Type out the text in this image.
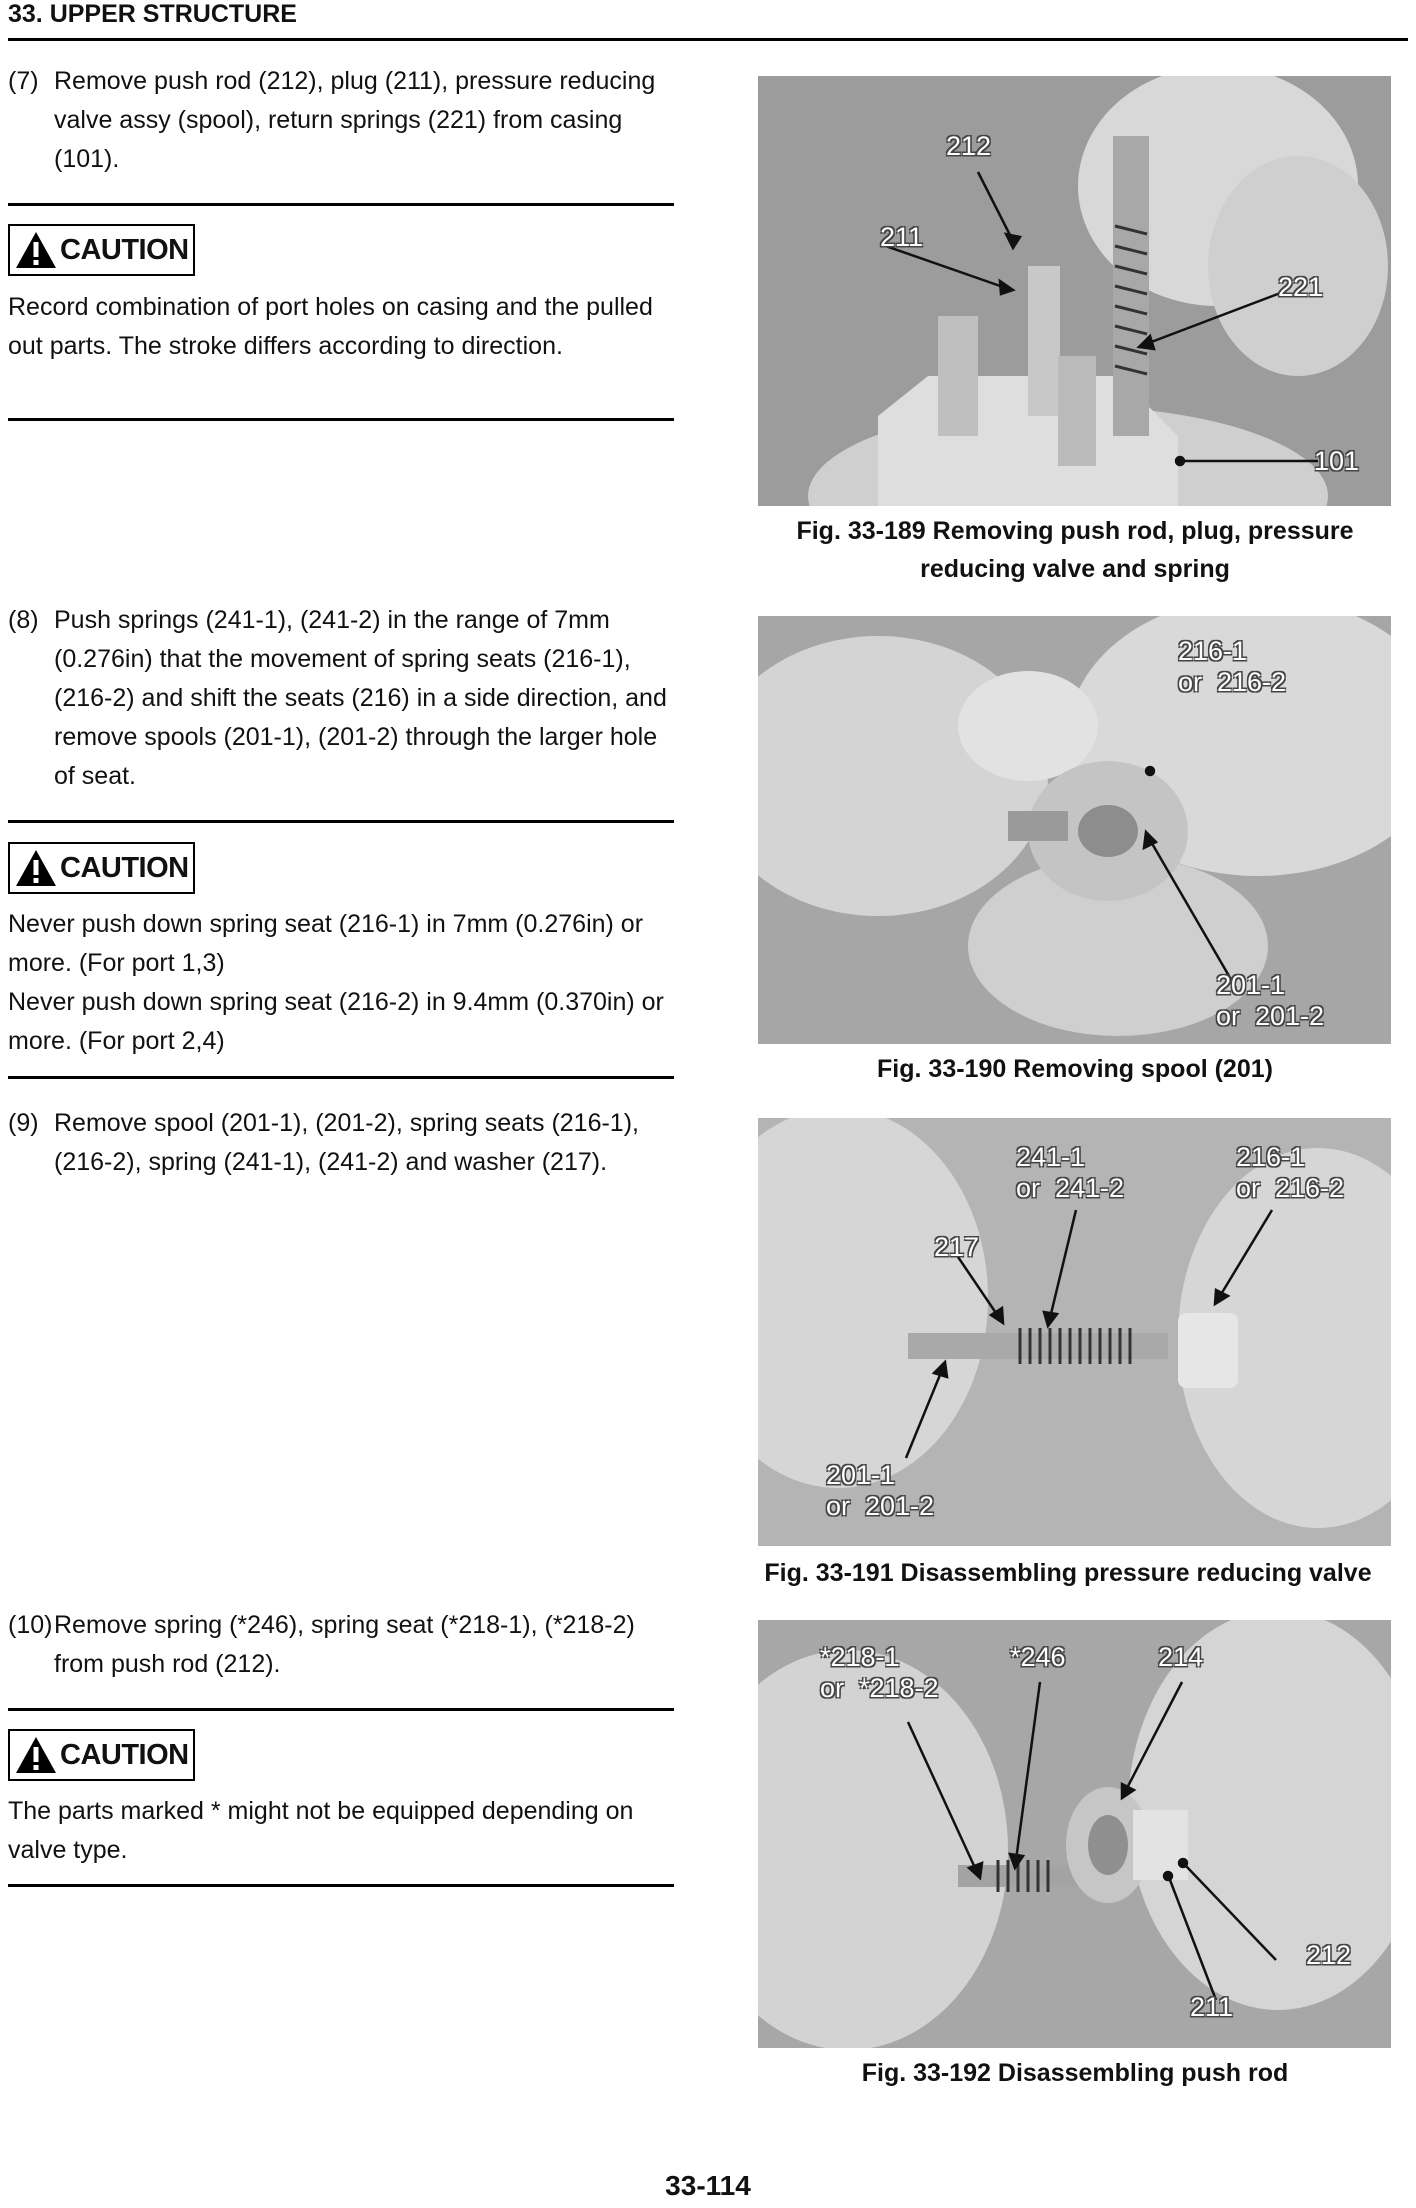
33. UPPER STRUCTURE
(7) Remove push rod (212), plug (211), pressure reducing valve assy (spool), return springs (221) from casing (101).
CAUTION

Record combination of port holes on casing and the pulled out parts. The stroke differs according to direction.

(8) Push springs (241-1), (241-2) in the range of 7mm (0.276in) that the movement of spring seats (216-1), (216-2) and shift the seats (216) in a side direction, and remove spools (201-1), (201-2) through the larger hole of seat.
CAUTION

Never push down spring seat (216-1) in 7mm (0.276in) or more. (For port 1,3)

Never push down spring seat (216-2) in 9.4mm (0.370in) or more. (For port 2,4)

(9) Remove spool (201-1), (201-2), spring seats (216-1), (216-2), spring (241-1), (241-2) and washer (217).
(10) Remove spring (*246), spring seat (*218-1), (*218-2) from push rod (212).
CAUTION

The parts marked * might not be equipped depending on valve type.

212
211
221
101
Fig. 33-189 Removing push rod, plug, pressure reducing valve and spring
216-1
or  216-2
201-1
or  201-2
Fig. 33-190 Removing spool (201)
241-1
or  241-2
216-1
or  216-2
217
201-1
or  201-2
Fig. 33-191 Disassembling pressure reducing valve
*218-1
or  *218-2
*246	214
212
211
Fig. 33-192 Disassembling push rod
33-114
